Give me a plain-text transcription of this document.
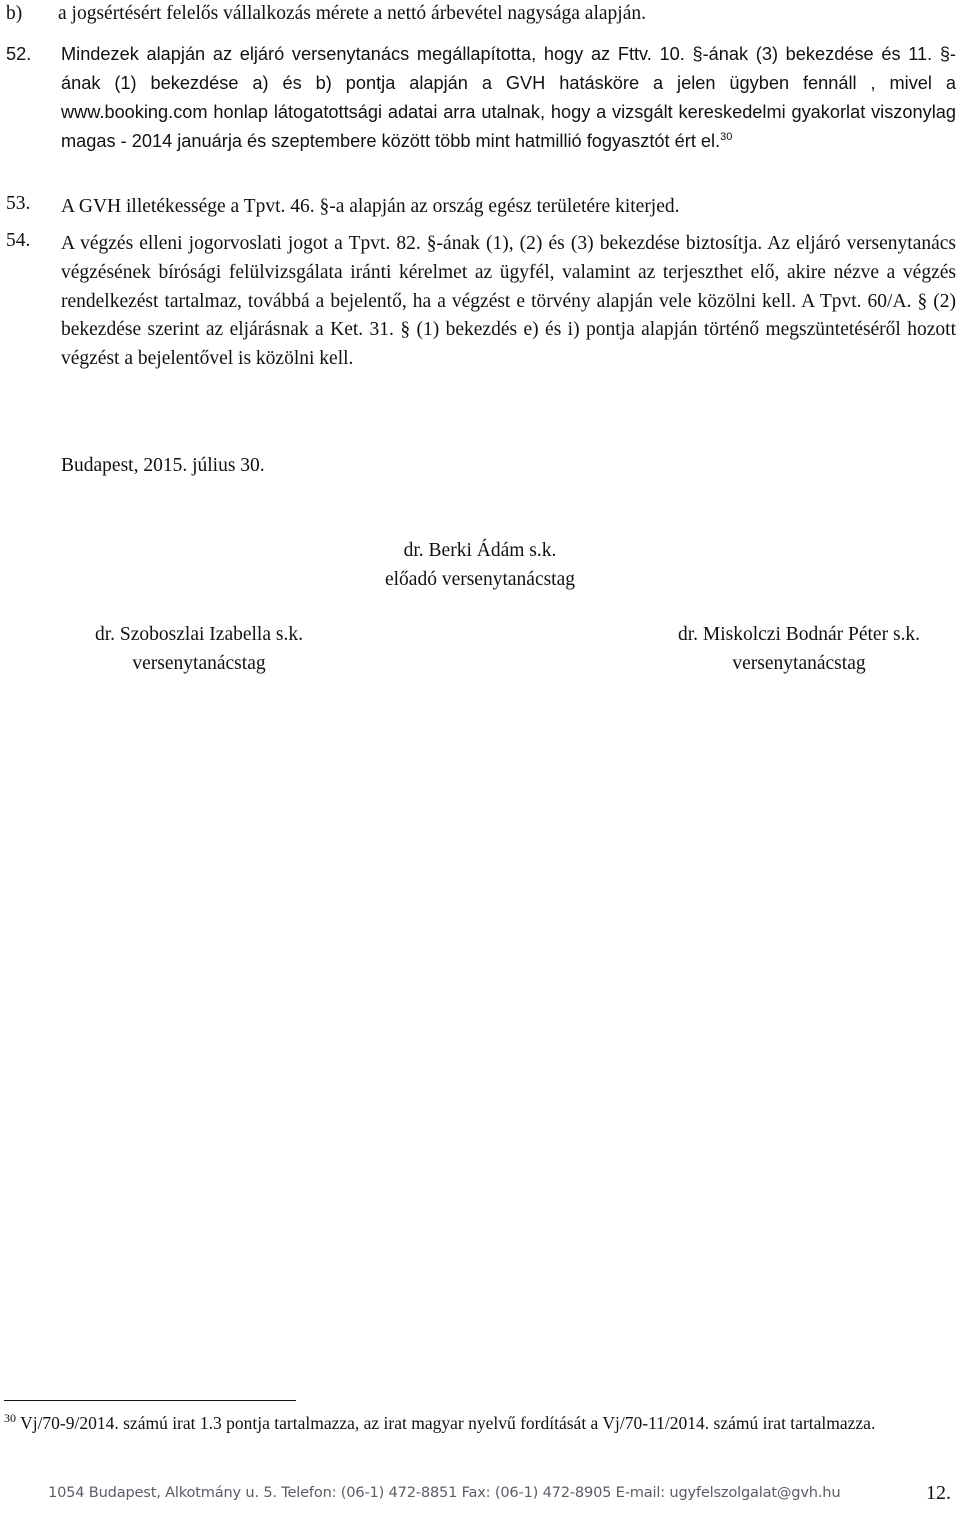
b) a jogsértésért felelős vállalkozás mérete a nettó árbevétel nagysága alapján.
52. Mindezek alapján az eljáró versenytanács megállapította, hogy az Fttv. 10. §-ának (3) bekezdése és 11. §-ának (1) bekezdése a) és b) pontja alapján a GVH hatásköre a jelen ügyben fennáll , mivel a www.booking.com honlap látogatottsági adatai arra utalnak, hogy a vizsgált kereskedelmi gyakorlat viszonylag magas - 2014 januárja és szeptembere között több mint hatmillió fogyasztót ért el.$^{30}$
53. A GVH illetékessége a Tpvt. 46. §-a alapján az ország egész területére kiterjed.
54. A végzés elleni jogorvoslati jogot a Tpvt. 82. §-ának (1), (2) és (3) bekezdése biztosítja. Az eljáró versenytanács végzésének bírósági felülvizsgálata iránti kérelmet az ügyfél, valamint az terjeszthet elő, akire nézve a végzés rendelkezést tartalmaz, továbbá a bejelentő, ha a végzést e törvény alapján vele közölni kell. A Tpvt. 60/A. § (2) bekezdése szerint az eljárásnak a Ket. 31. § (1) bekezdés e) és i) pontja alapján történő megszüntetéséről hozott végzést a bejelentővel is közölni kell.
Budapest, 2015. július 30.
dr. Berki Ádám s.k.
előadó versenytanácstag
dr. Szoboszlai Izabella s.k.
versenytanácstag
dr. Miskolczi Bodnár Péter s.k.
versenytanácstag
$^{30}$ Vj/70-9/2014. számú irat 1.3 pontja tartalmazza, az irat magyar nyelvű fordítását a Vj/70-11/2014. számú irat tartalmazza.
1054 Budapest, Alkotmány u. 5. Telefon: (06-1) 472-8851 Fax: (06-1) 472-8905 E-mail: ugyfelszolgalat@gvh.hu	12.
